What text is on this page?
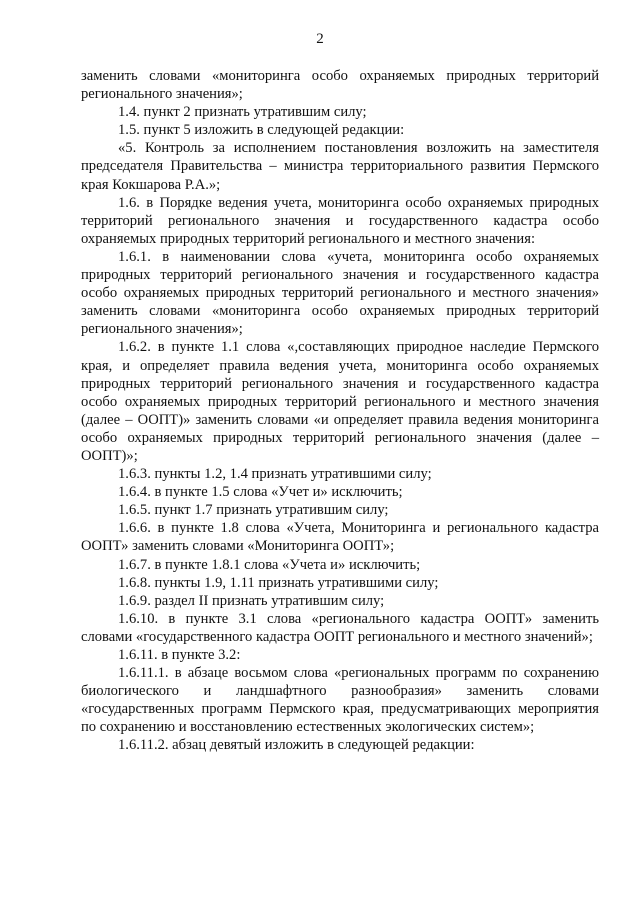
2

заменить словами «мониторинга особо охраняемых природных территорий регионального значения»;

1.4. пункт 2 признать утратившим силу;

1.5. пункт 5 изложить в следующей редакции:

«5. Контроль за исполнением постановления возложить на заместителя председателя Правительства – министра территориального развития Пермского края Кокшарова Р.А.»;

1.6. в Порядке ведения учета, мониторинга особо охраняемых природных территорий регионального значения и государственного кадастра особо охраняемых природных территорий регионального и местного значения:

1.6.1. в наименовании слова «учета, мониторинга особо охраняемых природных территорий регионального значения и государственного кадастра особо охраняемых природных территорий регионального и местного значения» заменить словами «мониторинга особо охраняемых природных территорий регионального значения»;

1.6.2. в пункте 1.1 слова «,составляющих природное наследие Пермского края, и определяет правила ведения учета, мониторинга особо охраняемых природных территорий регионального значения и государственного кадастра особо охраняемых природных территорий регионального и местного значения (далее – ООПТ)» заменить словами «и определяет правила ведения мониторинга особо охраняемых природных территорий регионального значения (далее – ООПТ)»;

1.6.3. пункты 1.2, 1.4 признать утратившими силу;

1.6.4. в пункте 1.5 слова «Учет и» исключить;

1.6.5. пункт 1.7 признать утратившим силу;

1.6.6. в пункте 1.8 слова «Учета, Мониторинга и регионального кадастра ООПТ» заменить словами «Мониторинга ООПТ»;

1.6.7. в пункте 1.8.1 слова «Учета и» исключить;

1.6.8. пункты 1.9, 1.11 признать утратившими силу;

1.6.9. раздел II признать утратившим силу;

1.6.10. в пункте 3.1 слова «регионального кадастра ООПТ» заменить словами «государственного кадастра ООПТ регионального и местного значений»;

1.6.11. в пункте 3.2:

1.6.11.1. в абзаце восьмом слова «региональных программ по сохранению биологического и ландшафтного разнообразия» заменить словами «государственных программ Пермского края, предусматривающих мероприятия по сохранению и восстановлению естественных экологических систем»;

1.6.11.2. абзац девятый изложить в следующей редакции:
